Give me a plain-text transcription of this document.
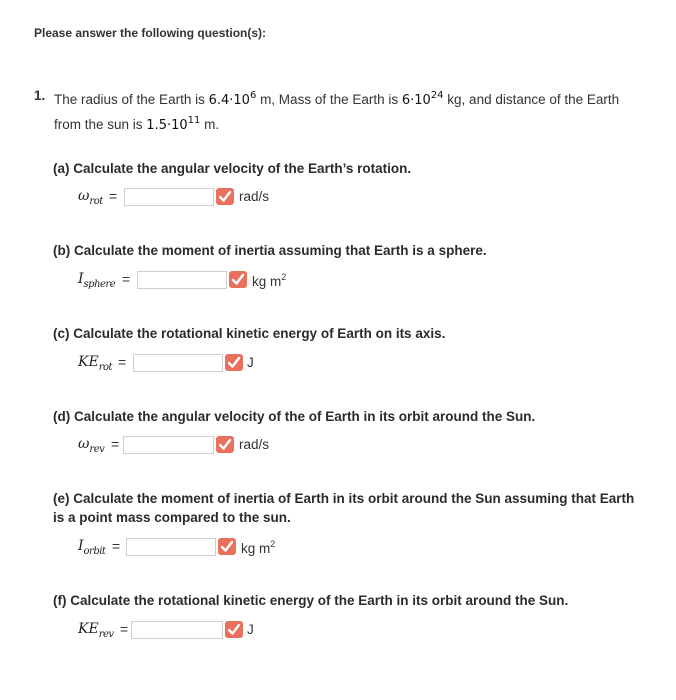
Please answer the following question(s):
1. The radius of the Earth is $6.4\cdot 10^6$ m, Mass of the Earth is $6\cdot 10^{24}$ kg, and distance of the Earth from the sun is $1.5\cdot 10^{11}$ m.
(a) Calculate the angular velocity of the Earth’s rotation.
$\omega_{rot}$ =	rad/s
(b) Calculate the moment of inertia assuming that Earth is a sphere.
$I_{sphere}$ =	kg $m^2$
(c) Calculate the rotational kinetic energy of Earth on its axis.
$KE_{rot}$ =	J
(d) Calculate the angular velocity of the of Earth in its orbit around the Sun.
$\omega_{rev}$ =	rad/s
(e) Calculate the moment of inertia of Earth in its orbit around the Sun assuming that Earth is a point mass compared to the sun.
$I_{orbit}$ =	kg $m^2$
(f) Calculate the rotational kinetic energy of the Earth in its orbit around the Sun.
$KE_{rev}$ =	J
